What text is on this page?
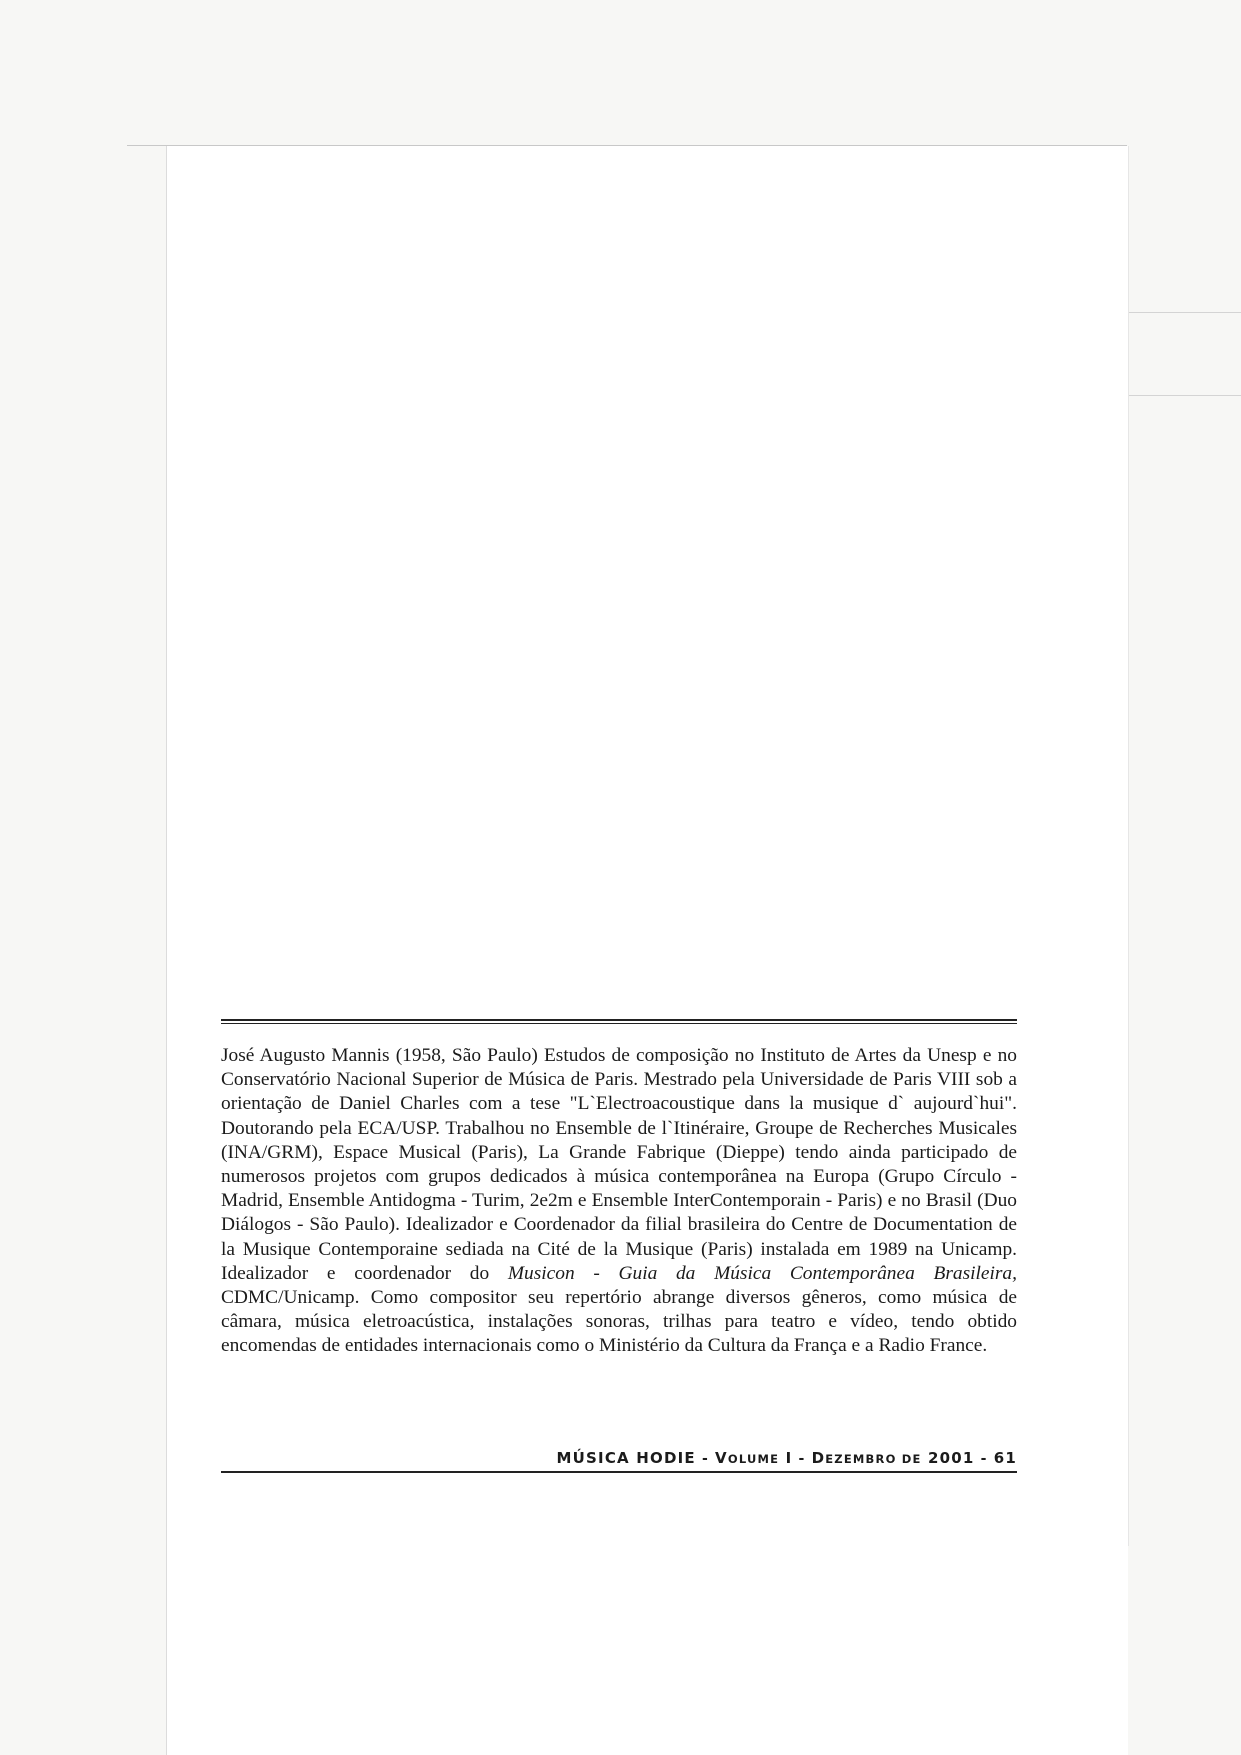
José Augusto Mannis (1958, São Paulo) Estudos de composição no Instituto de Artes da Unesp e no Conservatório Nacional Superior de Música de Paris. Mestrado pela Universidade de Paris VIII sob a orientação de Daniel Charles com a tese "L`Electroacoustique dans la musique d` aujourd`hui". Doutorando pela ECA/USP. Trabalhou no Ensemble de l`Itinéraire, Groupe de Recherches Musicales (INA/GRM), Espace Musical (Paris), La Grande Fabrique (Dieppe) tendo ainda participado de numerosos projetos com grupos dedicados à música contemporânea na Europa (Grupo Círculo - Madrid, Ensemble Antidogma - Turim, 2e2m e Ensemble InterContemporain - Paris) e no Brasil (Duo Diálogos - São Paulo). Idealizador e Coordenador da filial brasileira do Centre de Documentation de la Musique Contemporaine sediada na Cité de la Musique (Paris) instalada em 1989 na Unicamp. Idealizador e coordenador do Musicon - Guia da Música Contemporânea Brasileira, CDMC/Unicamp. Como compositor seu repertório abrange diversos gêneros, como música de câmara, música eletroacústica, instalações sonoras, trilhas para teatro e vídeo, tendo obtido encomendas de entidades internacionais como o Ministério da Cultura da França e a Radio France.

MÚSICA HODIE - VOLUME I - DEZEMBRO DE 2001 - 61
